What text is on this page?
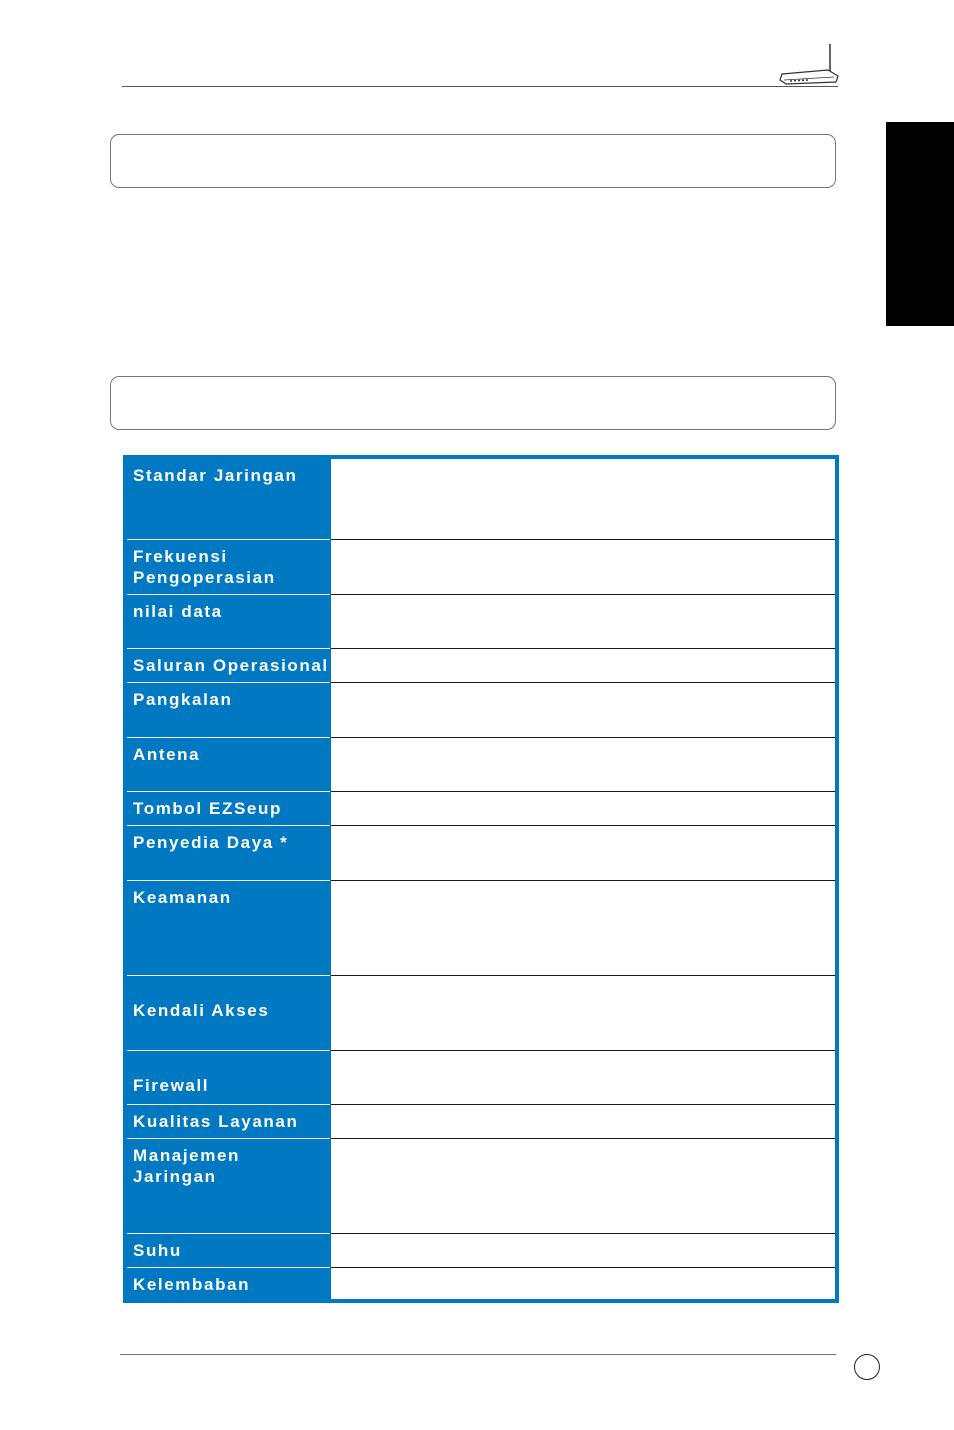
Standar Jaringan	
Frekuensi Pengoperasian	
nilai data	
Saluran Operasional	
Pangkalan	
Antena	
Tombol EZSeup	
Penyedia Daya *	
Keamanan	
Kendali Akses	
Firewall	
Kualitas Layanan	
Manajemen Jaringan	
Suhu	
Kelembaban	
